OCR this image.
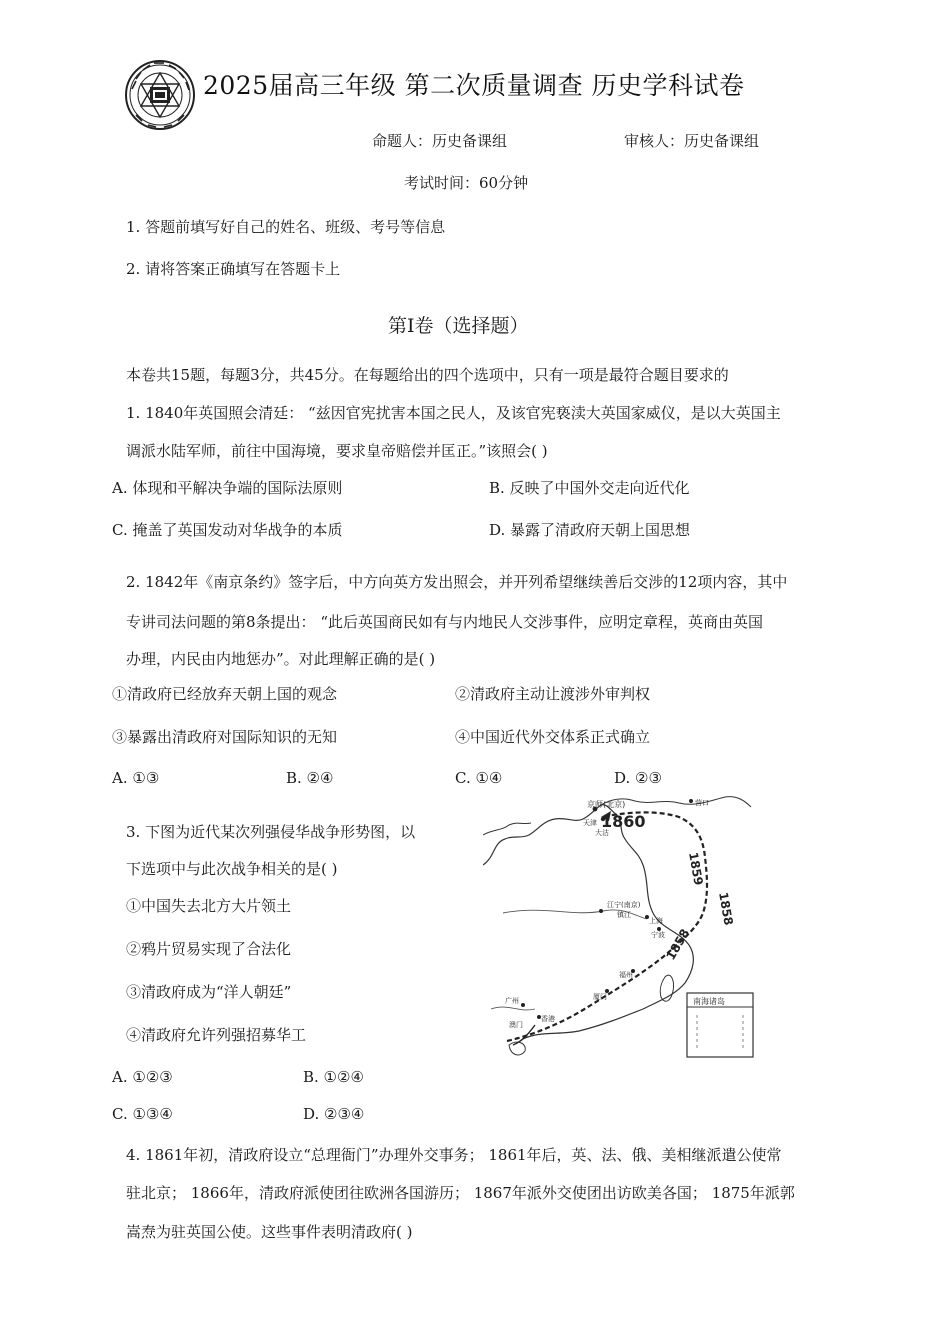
2025届高三年级 第二次质量调查 历史学科试卷
命题人：历史备课组	审核人：历史备课组
考试时间：60分钟
1. 答题前填写好自己的姓名、班级、考号等信息
2. 请将答案正确填写在答题卡上
第Ⅰ卷（选择题）
本卷共15题，每题3分，共45分。在每题给出的四个选项中，只有一项是最符合题目要求的
1. 1840年英国照会清廷： “兹因官宪扰害本国之民人，及该官宪亵渎大英国家威仪，是以大英国主
调派水陆军师，前往中国海境，要求皇帝赔偿并匡正。”该照会( )
A. 体现和平解决争端的国际法原则	B. 反映了中国外交走向近代化
C. 掩盖了英国发动对华战争的本质	D. 暴露了清政府天朝上国思想
2. 1842年《南京条约》签字后，中方向英方发出照会，并开列希望继续善后交涉的12项内容，其中
专讲司法问题的第8条提出： “此后英国商民如有与内地民人交涉事件，应明定章程，英商由英国
办理，内民由内地惩办”。对此理解正确的是( )
①清政府已经放弃天朝上国的观念	②清政府主动让渡涉外审判权
③暴露出清政府对国际知识的无知	④中国近代外交体系正式确立
A. ①③	B. ②④	C. ①④	D. ②③
3. 下图为近代某次列强侵华战争形势图，以
下选项中与此次战争相关的是( )
①中国失去北方大片领土
②鸦片贸易实现了合法化
③清政府成为“洋人朝廷”
④清政府允许列强招募华工
A. ①②③	B. ①②④
C. ①③④	D. ②③④
京师(北京)
天津
大沽
营口
1860
1859
1858
1858
江宁(南京)
镇江
上海
宁波
福州
厦门
广州
香港
澳门
南海诸岛
4. 1861年初，清政府设立“总理衙门”办理外交事务； 1861年后，英、法、俄、美相继派遣公使常
驻北京； 1866年，清政府派使团往欧洲各国游历； 1867年派外交使团出访欧美各国； 1875年派郭
嵩焘为驻英国公使。这些事件表明清政府( )
